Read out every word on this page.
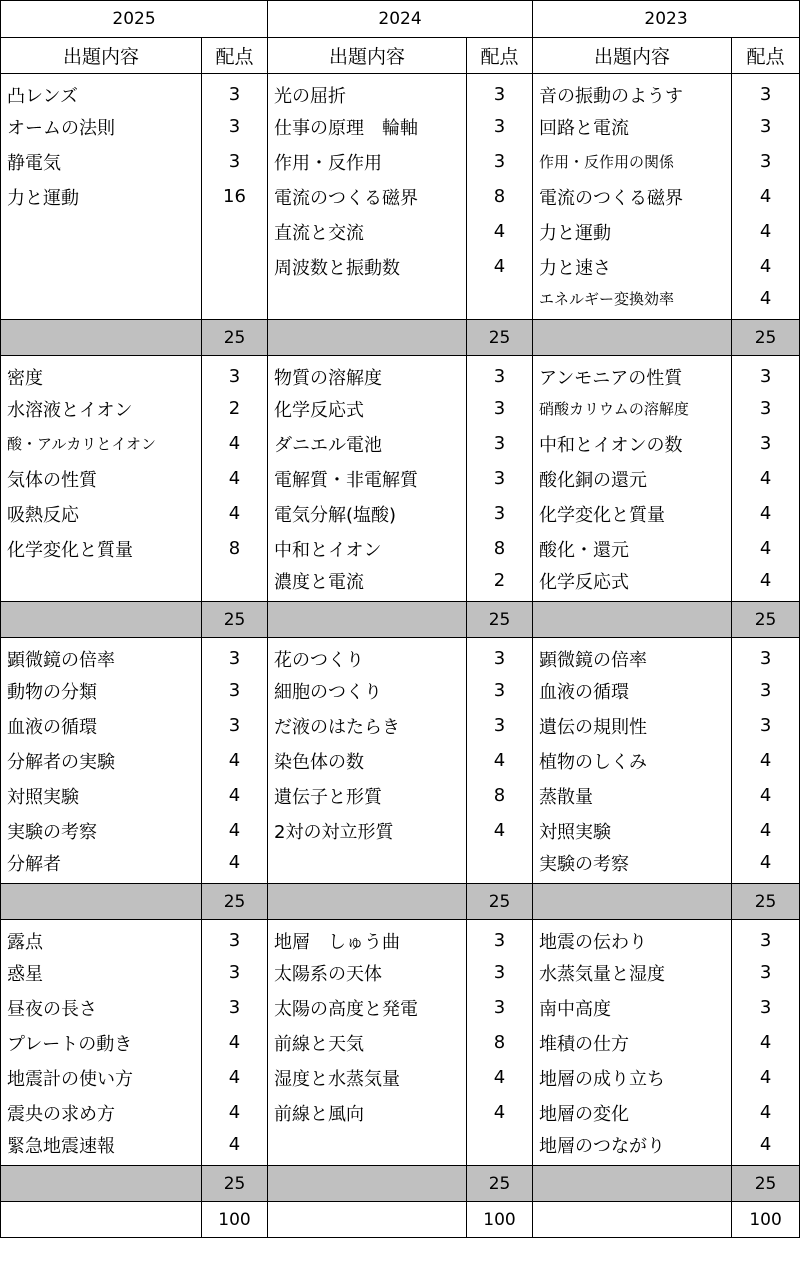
2025		2024		2023	
出題内容	配点	出題内容	配点	出題内容	配点
凸レンズ	3	光の屈折	3	音の振動のようす	3
オームの法則	3	仕事の原理　輪軸	3	回路と電流	3
静電気	3	作用・反作用	3	作用・反作用の関係	3
力と運動	16	電流のつくる磁界	8	電流のつくる磁界	4
		直流と交流	4	力と運動	4
		周波数と振動数	4	力と速さ	4
				エネルギー変換効率	4
	25		25		25
密度	3	物質の溶解度	3	アンモニアの性質	3
水溶液とイオン	2	化学反応式	3	硝酸カリウムの溶解度	3
酸・アルカリとイオン	4	ダニエル電池	3	中和とイオンの数	3
気体の性質	4	電解質・非電解質	3	酸化銅の還元	4
吸熱反応	4	電気分解(塩酸)	3	化学変化と質量	4
化学変化と質量	8	中和とイオン	8	酸化・還元	4
		濃度と電流	2	化学反応式	4
	25		25		25
顕微鏡の倍率	3	花のつくり	3	顕微鏡の倍率	3
動物の分類	3	細胞のつくり	3	血液の循環	3
血液の循環	3	だ液のはたらき	3	遺伝の規則性	3
分解者の実験	4	染色体の数	4	植物のしくみ	4
対照実験	4	遺伝子と形質	8	蒸散量	4
実験の考察	4	2対の対立形質	4	対照実験	4
分解者	4			実験の考察	4
	25		25		25
露点	3	地層　しゅう曲	3	地震の伝わり	3
惑星	3	太陽系の天体	3	水蒸気量と湿度	3
昼夜の長さ	3	太陽の高度と発電	3	南中高度	3
プレートの動き	4	前線と天気	8	堆積の仕方	4
地震計の使い方	4	湿度と水蒸気量	4	地層の成り立ち	4
震央の求め方	4	前線と風向	4	地層の変化	4
緊急地震速報	4			地層のつながり	4
	25		25		25
	100		100		100
